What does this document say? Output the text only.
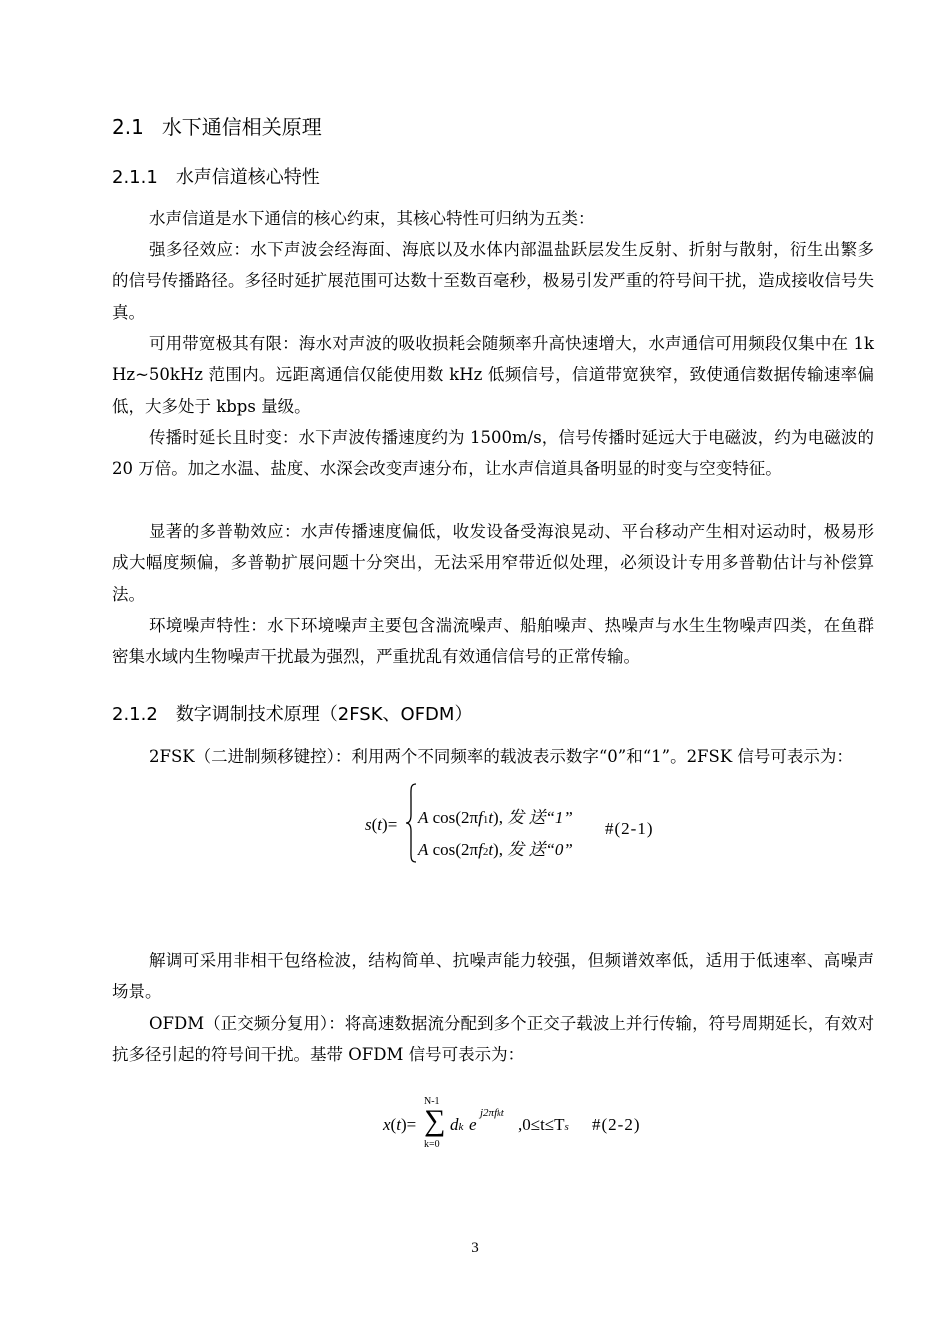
2.1 水下通信相关原理
2.1.1 水声信道核心特性

水声信道是水下通信的核心约束，其核心特性可归纳为五类：

强多径效应：水下声波会经海面、海底以及水体内部温盐跃层发生反射、折射与散射，衍生出繁多的信号传播路径。多径时延扩展范围可达数十至数百毫秒，极易引发严重的符号间干扰，造成接收信号失真。

可用带宽极其有限：海水对声波的吸收损耗会随频率升高快速增大，水声通信可用频段仅集中在 1kHz~50kHz 范围内。远距离通信仅能使用数 kHz 低频信号，信道带宽狭窄，致使通信数据传输速率偏低，大多处于 kbps 量级。

传播时延长且时变：水下声波传播速度约为 1500m/s，信号传播时延远大于电磁波，约为电磁波的 20 万倍。加之水温、盐度、水深会改变声速分布，让水声信道具备明显的时变与空变特征。

显著的多普勒效应：水声传播速度偏低，收发设备受海浪晃动、平台移动产生相对运动时，极易形成大幅度频偏，多普勒扩展问题十分突出，无法采用窄带近似处理，必须设计专用多普勒估计与补偿算法。

环境噪声特性：水下环境噪声主要包含湍流噪声、船舶噪声、热噪声与水生生物噪声四类，在鱼群密集水域内生物噪声干扰最为强烈，严重扰乱有效通信信号的正常传输。

2.1.2 数字调制技术原理（2FSK、OFDM）

2FSK（二进制频移键控）：利用两个不同频率的载波表示数字“0”和“1”。2FSK 信号可表示为：

s(t)= A cos(2πf1t), 发 送“1”
A cos(2πf2t), 发 送“0”
#(2-1)

解调可采用非相干包络检波，结构简单、抗噪声能力较强，但频谱效率低，适用于低速率、高噪声场景。

OFDM（正交频分复用）：将高速数据流分配到多个正交子载波上并行传输，符号周期延长，有效对抗多径引起的符号间干扰。基带 OFDM 信号可表示为：

x(t)=
N-1
∑
k=0
dk e
j2πfkt
,0≤t≤Ts #(2-2)
3
